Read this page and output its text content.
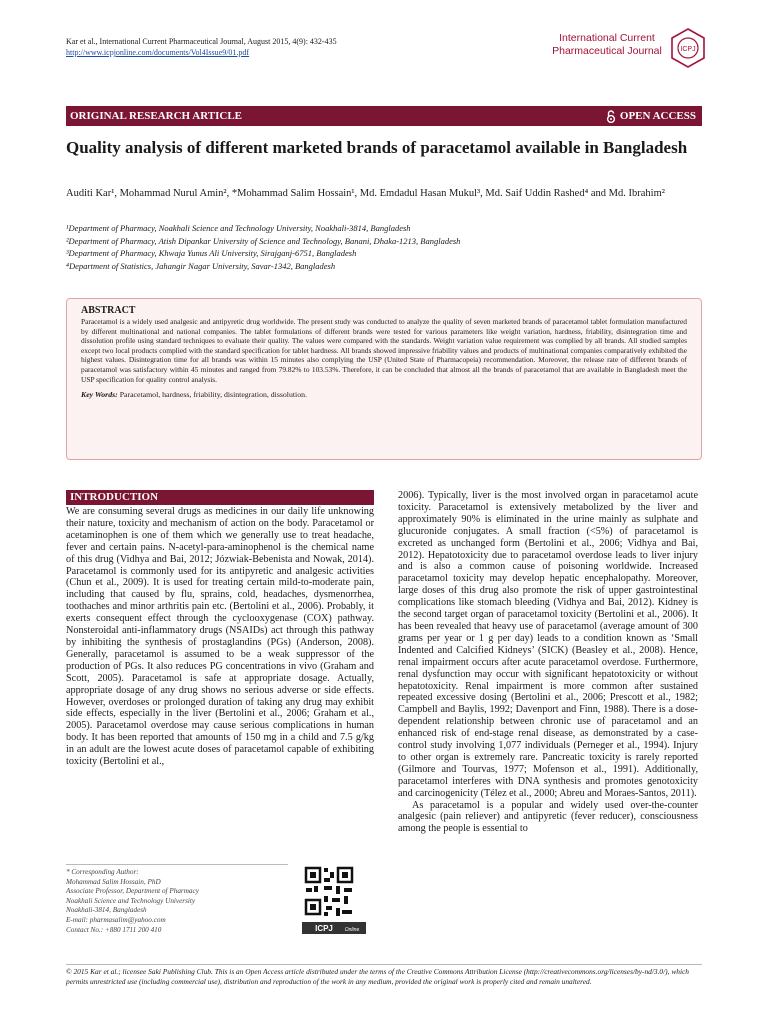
Kar et al., International Current Pharmaceutical Journal, August 2015, 4(9): 432-435
http://www.icpjonline.com/documents/Vol4Issue9/01.pdf
International Current Pharmaceutical Journal	ICPJ
ORIGINAL RESEARCH ARTICLE	OPEN ACCESS
Quality analysis of different marketed brands of paracetamol available in Bangladesh
Auditi Kar¹, Mohammad Nurul Amin², *Mohammad Salim Hossain¹, Md. Emdadul Hasan Mukul³, Md. Saif Uddin Rashed⁴ and Md. Ibrahim²
¹Department of Pharmacy, Noakhali Science and Technology University, Noakhali-3814, Bangladesh
²Department of Pharmacy, Atish Dipankar University of Science and Technology, Banani, Dhaka-1213, Bangladesh
³Department of Pharmacy, Khwaja Yunus Ali University, Sirajganj-6751, Bangladesh
⁴Department of Statistics, Jahangir Nagar University, Savar-1342, Bangladesh
ABSTRACT

Paracetamol is a widely used analgesic and antipyretic drug worldwide. The present study was conducted to analyze the quality of seven marketed brands of paracetamol tablet formulation manufactured by different multinational and national companies. The tablet formulations of different brands were tested for various parameters like weight variation, hardness, friability, disintegration time and dissolution profile using standard techniques to evaluate their quality. The values were compared with the standards. Weight variation value requirement was complied by all brands. All studied samples except two local products complied with the standard specification for tablet hardness. All brands showed impressive friability values and products of multinational companies comparatively exhibited the highest values. Disintegration time for all brands was within 15 minutes also complying the USP (United State of Pharmacopeia) recommendation. Moreover, the release rate of different brands of paracetamol was satisfactory within 45 minutes and ranged from 79.82% to 103.53%. Therefore, it can be concluded that almost all the brands of paracetamol that are available in Bangladesh meet the USP specification for quality control analysis.

Key Words: Paracetamol, hardness, friability, disintegration, dissolution.

INTRODUCTION

We are consuming several drugs as medicines in our daily life unknowing their nature, toxicity and mechanism of action on the body. Paracetamol or acetaminophen is one of them which we generally use to treat headache, fever and certain pains. N-acetyl-para-aminophenol is the chemical name of this drug (Vidhya and Bai, 2012; Józwiak-Bebenista and Nowak, 2014). Paracetamol is commonly used for its antipyretic and analgesic activities (Chun et al., 2009). It is used for treating certain mild-to-moderate pain, including that caused by flu, sprains, cold, headaches, dysmenorrhea, toothaches and minor arthritis pain etc. (Bertolini et al., 2006). Probably, it exerts consequent effect through the cyclooxygenase (COX) pathway. Nonsteroidal anti-inflammatory drugs (NSAIDs) act through this pathway by inhibiting the synthesis of prostaglandins (PGs) (Anderson, 2008). Generally, paracetamol is assumed to be a weak suppressor of the production of PGs. It also reduces PG concentrations in vivo (Graham and Scott, 2005). Paracetamol is safe at appropriate dosage. Actually, appropriate dosage of any drug shows no serious adverse or side effects. However, overdoses or prolonged duration of taking any drug may exhibit side effects, especially in the liver (Bertolini et al., 2006; Graham et al., 2005). Paracetamol overdose may cause serious complications in human body. It has been reported that amounts of 150 mg in a child and 7.5 g/kg in an adult are the lowest acute doses of paracetamol capable of exhibiting toxicity (Bertolini et al.,

2006). Typically, liver is the most involved organ in paracetamol acute toxicity. Paracetamol is extensively metabolized by the liver and approximately 90% is eliminated in the urine mainly as sulphate and glucuronide conjugates. A small fraction (<5%) of paracetamol is excreted as unchanged form (Bertolini et al., 2006; Vidhya and Bai, 2012). Hepatotoxicity due to paracetamol overdose leads to liver injury and is also a common cause of poisoning worldwide. Increased paracetamol toxicity may develop hepatic encephalopathy. Moreover, large doses of this drug also promote the risk of upper gastrointestinal complications like stomach bleeding (Vidhya and Bai, 2012). Kidney is the second target organ of paracetamol toxicity (Bertolini et al., 2006). It has been revealed that heavy use of paracetamol (average amount of 300 grams per year or 1 g per day) leads to a condition known as ‘Small Indented and Calcified Kidneys’ (SICK) (Beasley et al., 2008). Hence, renal impairment occurs after acute paracetamol overdose. Furthermore, renal dysfunction may occur with significant hepatotoxicity or without hepatotoxicity. Renal impairment is more common after sustained repeated excessive dosing (Bertolini et al., 2006; Prescott et al., 1982; Campbell and Baylis, 1992; Davenport and Finn, 1988). There is a dose-dependent relationship between chronic use of paracetamol and an enhanced risk of end-stage renal disease, as demonstrated by a case-control study involving 1,077 individuals (Perneger et al., 1994). Injury to other organ is extremely rare. Pancreatic toxicity is rarely reported (Gilmore and Tourvas, 1977; Mofenson et al., 1991). Additionally, paracetamol interferes with DNA synthesis and promotes genotoxicity and carcinogenicity (Télez et al., 2000; Abreu and Moraes-Santos, 2011).

As paracetamol is a popular and widely used over-the-counter analgesic (pain reliever) and antipyretic (fever reducer), consciousness among the people is essential to

* Corresponding Author:
Mohammad Salim Hossain, PhD
Associate Professor, Department of Pharmacy
Noakhali Science and Technology University
Noakhali-3814, Bangladesh
E-mail: pharmasalim@yahoo.com
Contact No.: +880 1711 200 410	ICPJ Online
© 2015 Kar et al.; licensee Saki Publishing Club. This is an Open Access article distributed under the terms of the Creative Commons Attribution License (http://creativecommons.org/licenses/by-nd/3.0/), which permits unrestricted use (including commercial use), distribution and reproduction of the work in any medium, provided the original work is properly cited and remain unaltered.
